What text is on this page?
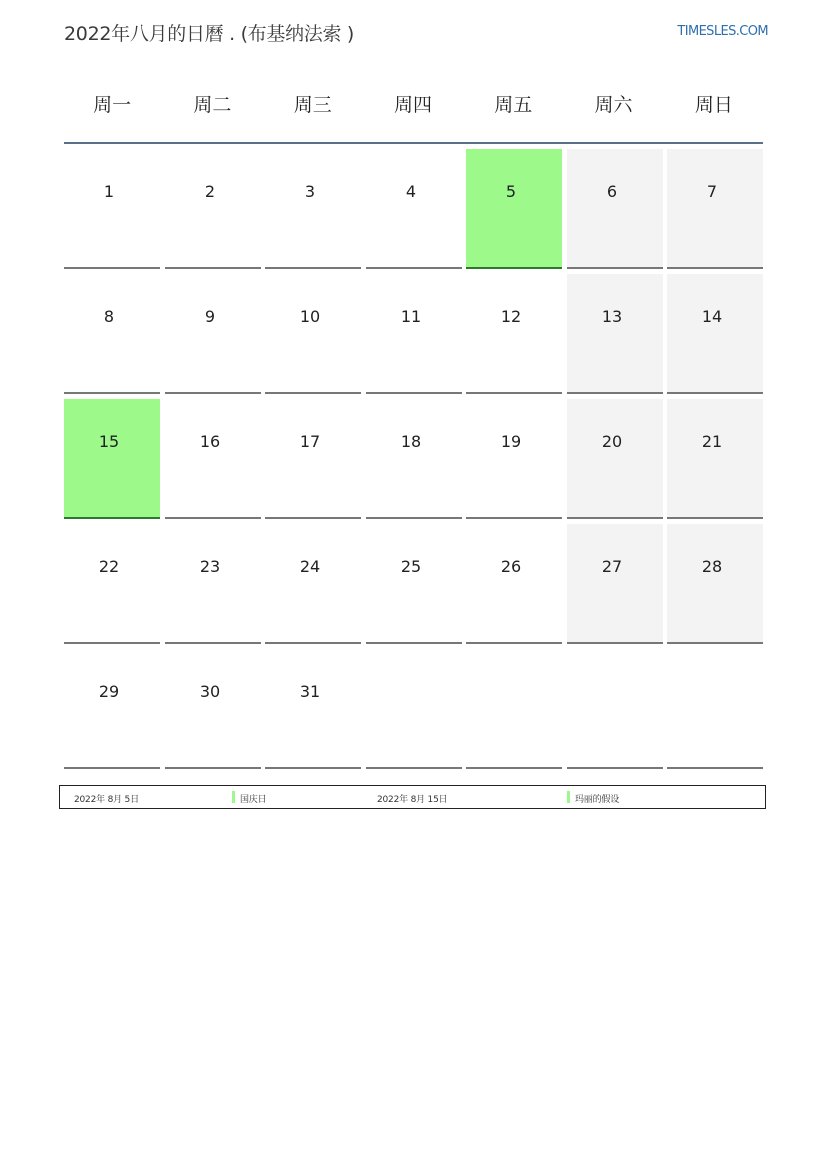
2022年八月的日曆 . (布基纳法索 )	TIMESLES.COM
周一	周二	周三	周四	周五	周六	周日
1	2	3	4	5	6	7
8	9	10	11	12	13	14
15	16	17	18	19	20	21
22	23	24	25	26	27	28
29	30	31
2022年 8月 5日	国庆日	2022年 8月 15日	玛丽的假设
